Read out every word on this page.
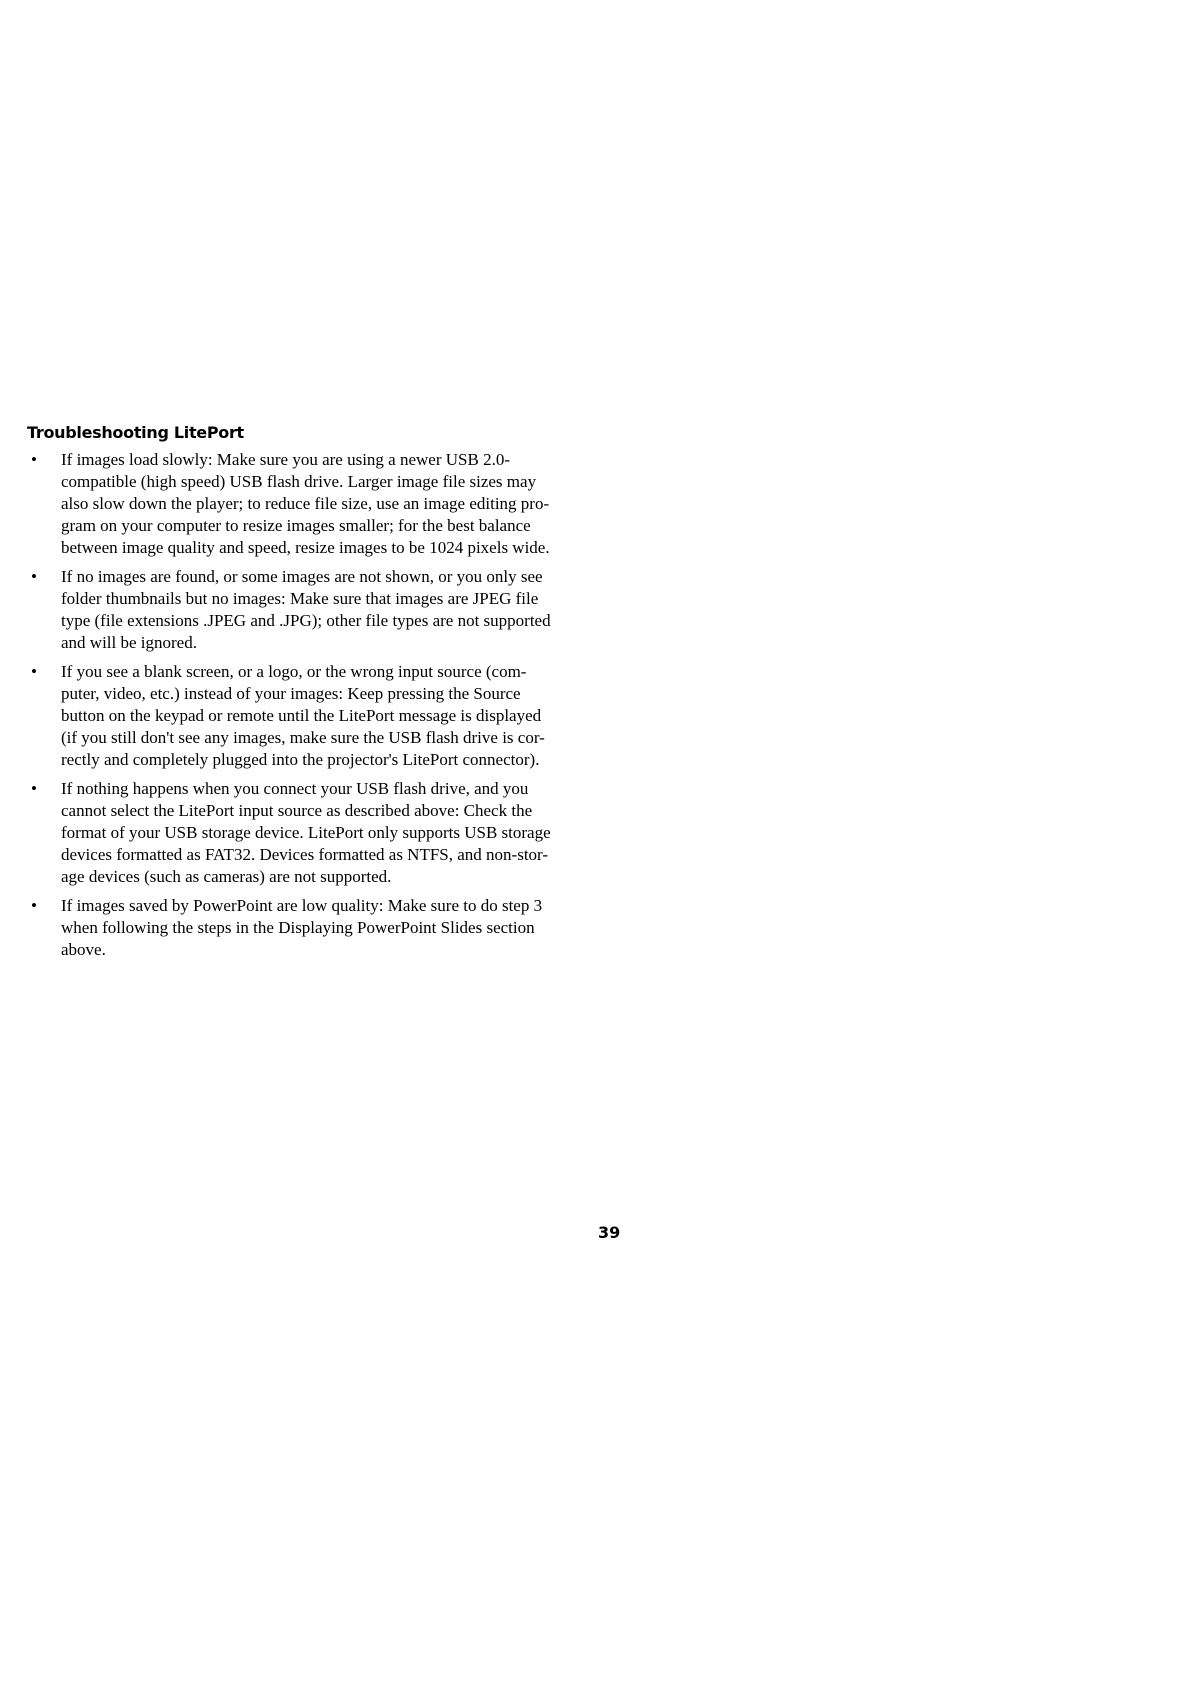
Troubleshooting LitePort
•	If images load slowly: Make sure you are using a newer USB 2.0-
compatible (high speed) USB flash drive. Larger image file sizes may
also slow down the player; to reduce file size, use an image editing pro-
gram on your computer to resize images smaller; for the best balance
between image quality and speed, resize images to be 1024 pixels wide.
•	If no images are found, or some images are not shown, or you only see
folder thumbnails but no images: Make sure that images are JPEG file
type (file extensions .JPEG and .JPG); other file types are not supported
and will be ignored.
•	If you see a blank screen, or a logo, or the wrong input source (com-
puter, video, etc.) instead of your images: Keep pressing the Source
button on the keypad or remote until the LitePort message is displayed
(if you still don't see any images, make sure the USB flash drive is cor-
rectly and completely plugged into the projector's LitePort connector).
•	If nothing happens when you connect your USB flash drive, and you
cannot select the LitePort input source as described above: Check the
format of your USB storage device. LitePort only supports USB storage
devices formatted as FAT32. Devices formatted as NTFS, and non-stor-
age devices (such as cameras) are not supported.
•	If images saved by PowerPoint are low quality: Make sure to do step 3
when following the steps in the Displaying PowerPoint Slides section
above.
39
